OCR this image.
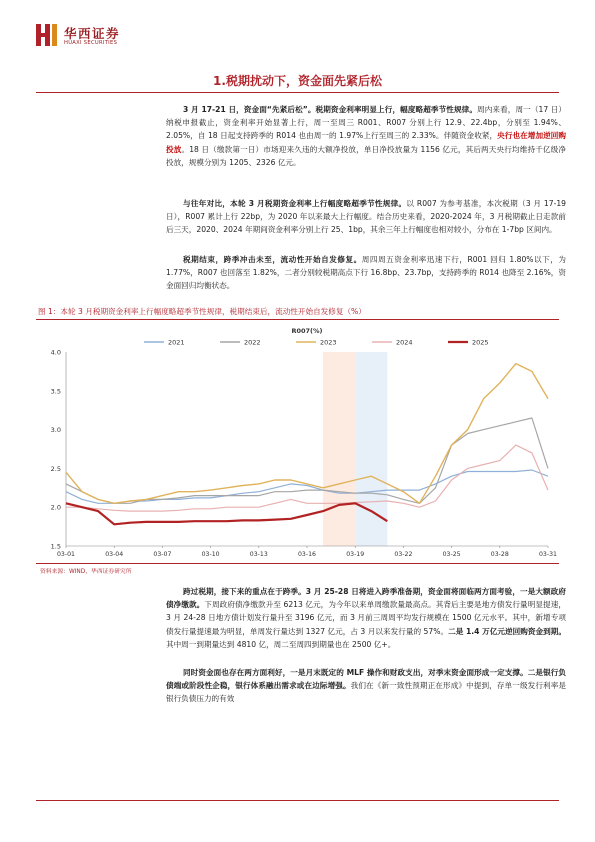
华西证券
HUAXI SECURITIES
1.税期扰动下，资金面先紧后松

3 月 17-21 日，资金面“先紧后松”。税期资金利率明显上行，幅度略超季节性规律。周内来看，周一（17 日）纳税申报截止，资金利率开始显著上行，周一至周三 R001、R007 分别上行 12.9、22.4bp，分别至 1.94%、2.05%，自 18 日起支持跨季的 R014 也由周一的 1.97%上行至周三的 2.33%。伴随资金收紧，央行也在增加逆回购投放。18 日（缴款第一日）市场迎来久违的大额净投放，单日净投放量为 1156 亿元，其后两天央行均维持千亿级净投放，规模分别为 1205、2326 亿元。

与往年对比，本轮 3 月税期资金利率上行幅度略超季节性规律。以 R007 为参考基准，本次税期（3 月 17-19 日），R007 累计上行 22bp，为 2020 年以来最大上行幅度。结合历史来看，2020-2024 年，3 月税期截止日走款前后三天，2020、2024 年期间资金利率分别上行 25、1bp，其余三年上行幅度也相对较小，分布在 1-7bp 区间内。

税期结束，跨季冲击未至，流动性开始自发修复。周四周五资金利率迅速下行，R001 回归 1.80%以下，为 1.77%，R007 也回落至 1.82%，二者分别较税期高点下行 16.8bp、23.7bp，支持跨季的 R014 也降至 2.16%，资金面回归均衡状态。

图 1：本轮 3 月税期资金利率上行幅度略超季节性规律，税期结束后，流动性开始自发修复（%）
R007(%)
1.5
2.0
2.5
3.0
3.5
4.0
03-01	03-04	03-07	03-10	03-13	03-16	03-19	03-22	03-25	03-28	03-31
2021	2022	2023	2024	2025
资料来源：WIND，华西证券研究所

跨过税期，接下来的重点在于跨季。3 月 25-28 日将进入跨季准备期，资金面将面临两方面考验，一是大额政府债净缴款。下周政府债净缴款升至 6213 亿元，为今年以来单周缴款量最高点。其背后主要是地方债发行量明显提速，3 月 24-28 日地方债计划发行量升至 3196 亿元，而 3 月前三周周平均发行规模在 1500 亿元水平。其中，新增专项债发行量提速最为明显，单周发行量达到 1327 亿元，占 3 月以来发行量的 57%。二是 1.4 万亿元逆回购资金到期。其中周一到期量达到 4810 亿，周二至周四到期量也在 2500 亿+。

同时资金面也存在两方面利好，一是月末既定的 MLF 操作和财政支出，对季末资金面形成一定支撑。二是银行负债端或阶段性企稳，银行体系融出需求或在边际增强。我们在《新一致性预期正在形成》中提到，存单一级发行利率是银行负债压力的有效
